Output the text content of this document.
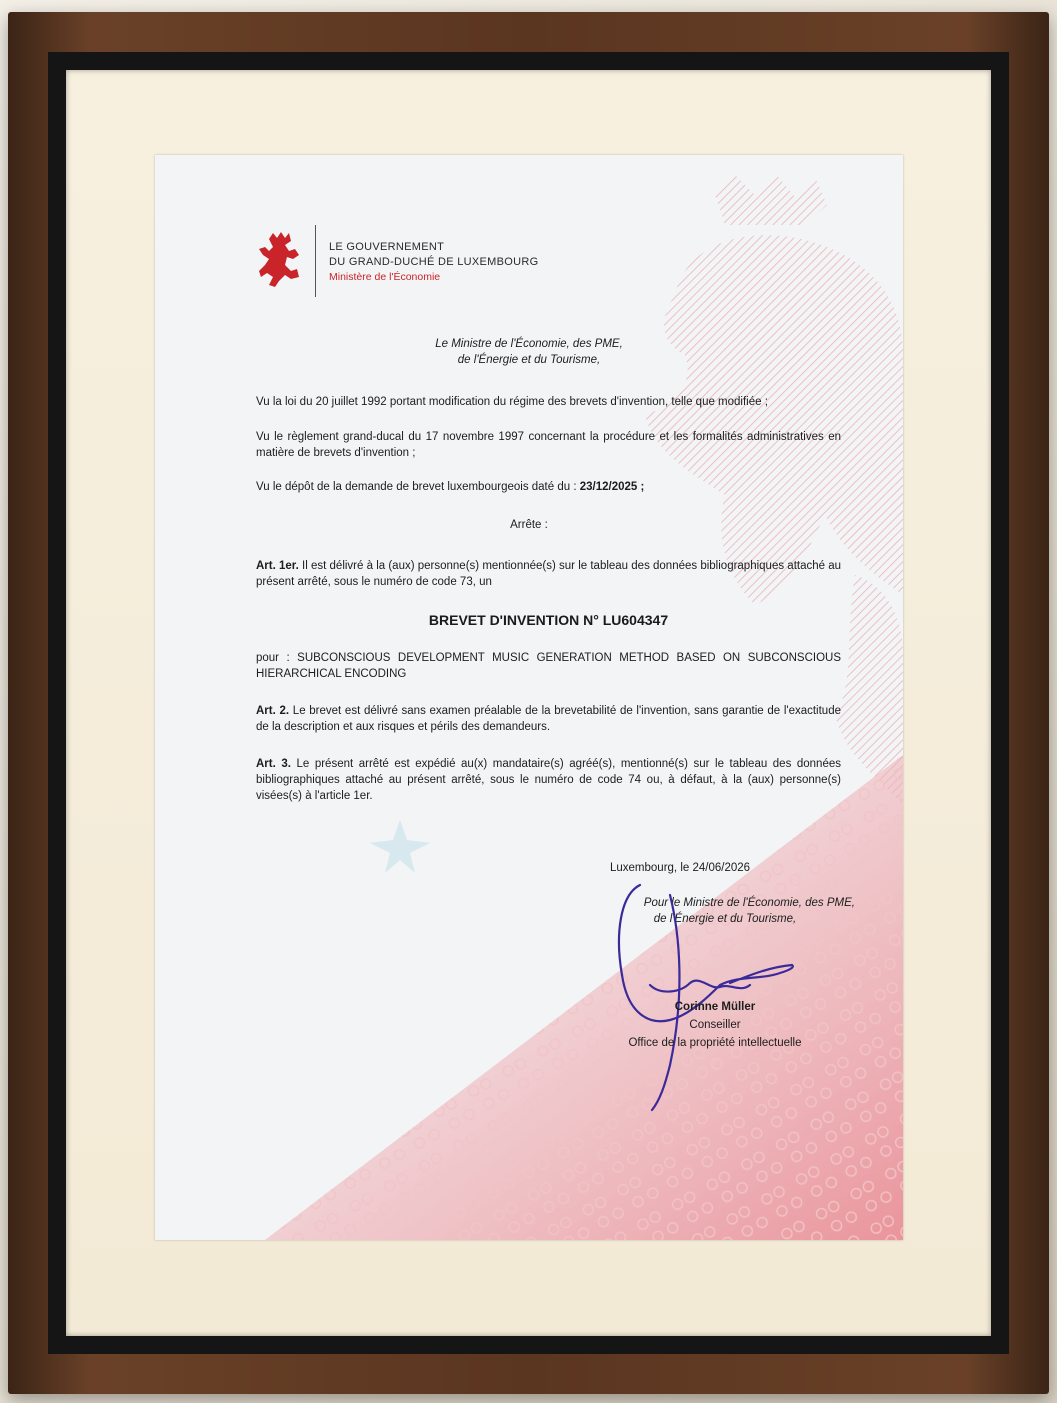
LE GOUVERNEMENT
DU GRAND-DUCHÉ DE LUXEMBOURG
Ministère de l'Économie
Le Ministre de l'Économie, des PME,
de l'Énergie et du Tourisme,
Vu la loi du 20 juillet 1992 portant modification du régime des brevets d'invention, telle que modifiée ;
Vu le règlement grand-ducal du 17 novembre 1997 concernant la procédure et les formalités administratives en matière de brevets d'invention ;
Vu le dépôt de la demande de brevet luxembourgeois daté du : 23/12/2025 ;
Arrête :
Art. 1er. Il est délivré à la (aux) personne(s) mentionnée(s) sur le tableau des données bibliographiques attaché au présent arrêté, sous le numéro de code 73, un
BREVET D'INVENTION N° LU604347
pour : SUBCONSCIOUS DEVELOPMENT MUSIC GENERATION METHOD BASED ON SUBCONSCIOUS HIERARCHICAL ENCODING
Art. 2. Le brevet est délivré sans examen préalable de la brevetabilité de l'invention, sans garantie de l'exactitude de la description et aux risques et périls des demandeurs.
Art. 3. Le présent arrêté est expédié au(x) mandataire(s) agréé(s), mentionné(s) sur le tableau des données bibliographiques attaché au présent arrêté, sous le numéro de code 74 ou, à défaut, à la (aux) personne(s) visées(s) à l'article 1er.
Luxembourg, le 24/06/2026
Pour le Ministre de l'Économie, des PME,
de l'Énergie et du Tourisme,
Corinne Müller
Conseiller
Office de la propriété intellectuelle
